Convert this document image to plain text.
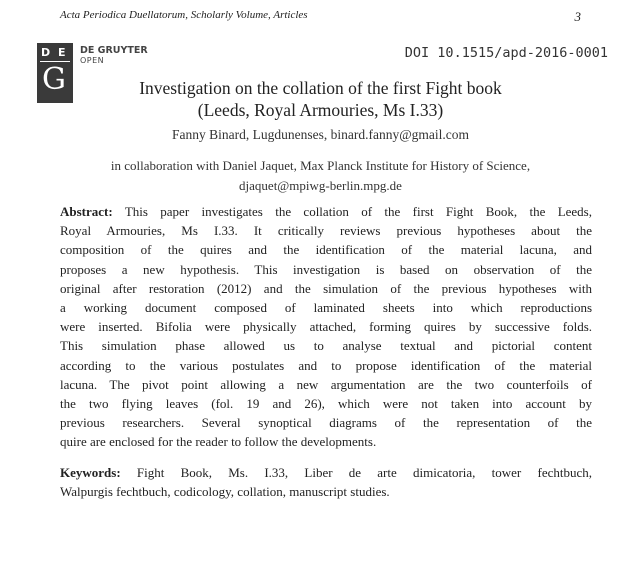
Acta Periodica Duellatorum, Scholarly Volume, Articles	3
D E
G
DE GRUYTER
OPEN	DOI 10.1515/apd-2016-0001
Investigation on the collation of the first Fight book
(Leeds, Royal Armouries, Ms I.33)
Fanny Binard, Lugdunenses, binard.fanny@gmail.com
in collaboration with Daniel Jaquet, Max Planck Institute for History of Science,
djaquet@mpiwg-berlin.mpg.de
Abstract: This paper investigates the collation of the first Fight Book, the Leeds,
Royal Armouries, Ms I.33. It critically reviews previous hypotheses about the
composition of the quires and the identification of the material lacuna, and
proposes a new hypothesis. This investigation is based on observation of the
original after restoration (2012) and the simulation of the previous hypotheses with
a working document composed of laminated sheets into which reproductions
were inserted. Bifolia were physically attached, forming quires by successive folds.
This simulation phase allowed us to analyse textual and pictorial content
according to the various postulates and to propose identification of the material
lacuna. The pivot point allowing a new argumentation are the two counterfoils of
the two flying leaves (fol. 19 and 26), which were not taken into account by
previous researchers. Several synoptical diagrams of the representation of the
quire are enclosed for the reader to follow the developments.
Keywords: Fight Book, Ms. I.33, Liber de arte dimicatoria, tower fechtbuch,
Walpurgis fechtbuch, codicology, collation, manuscript studies.
